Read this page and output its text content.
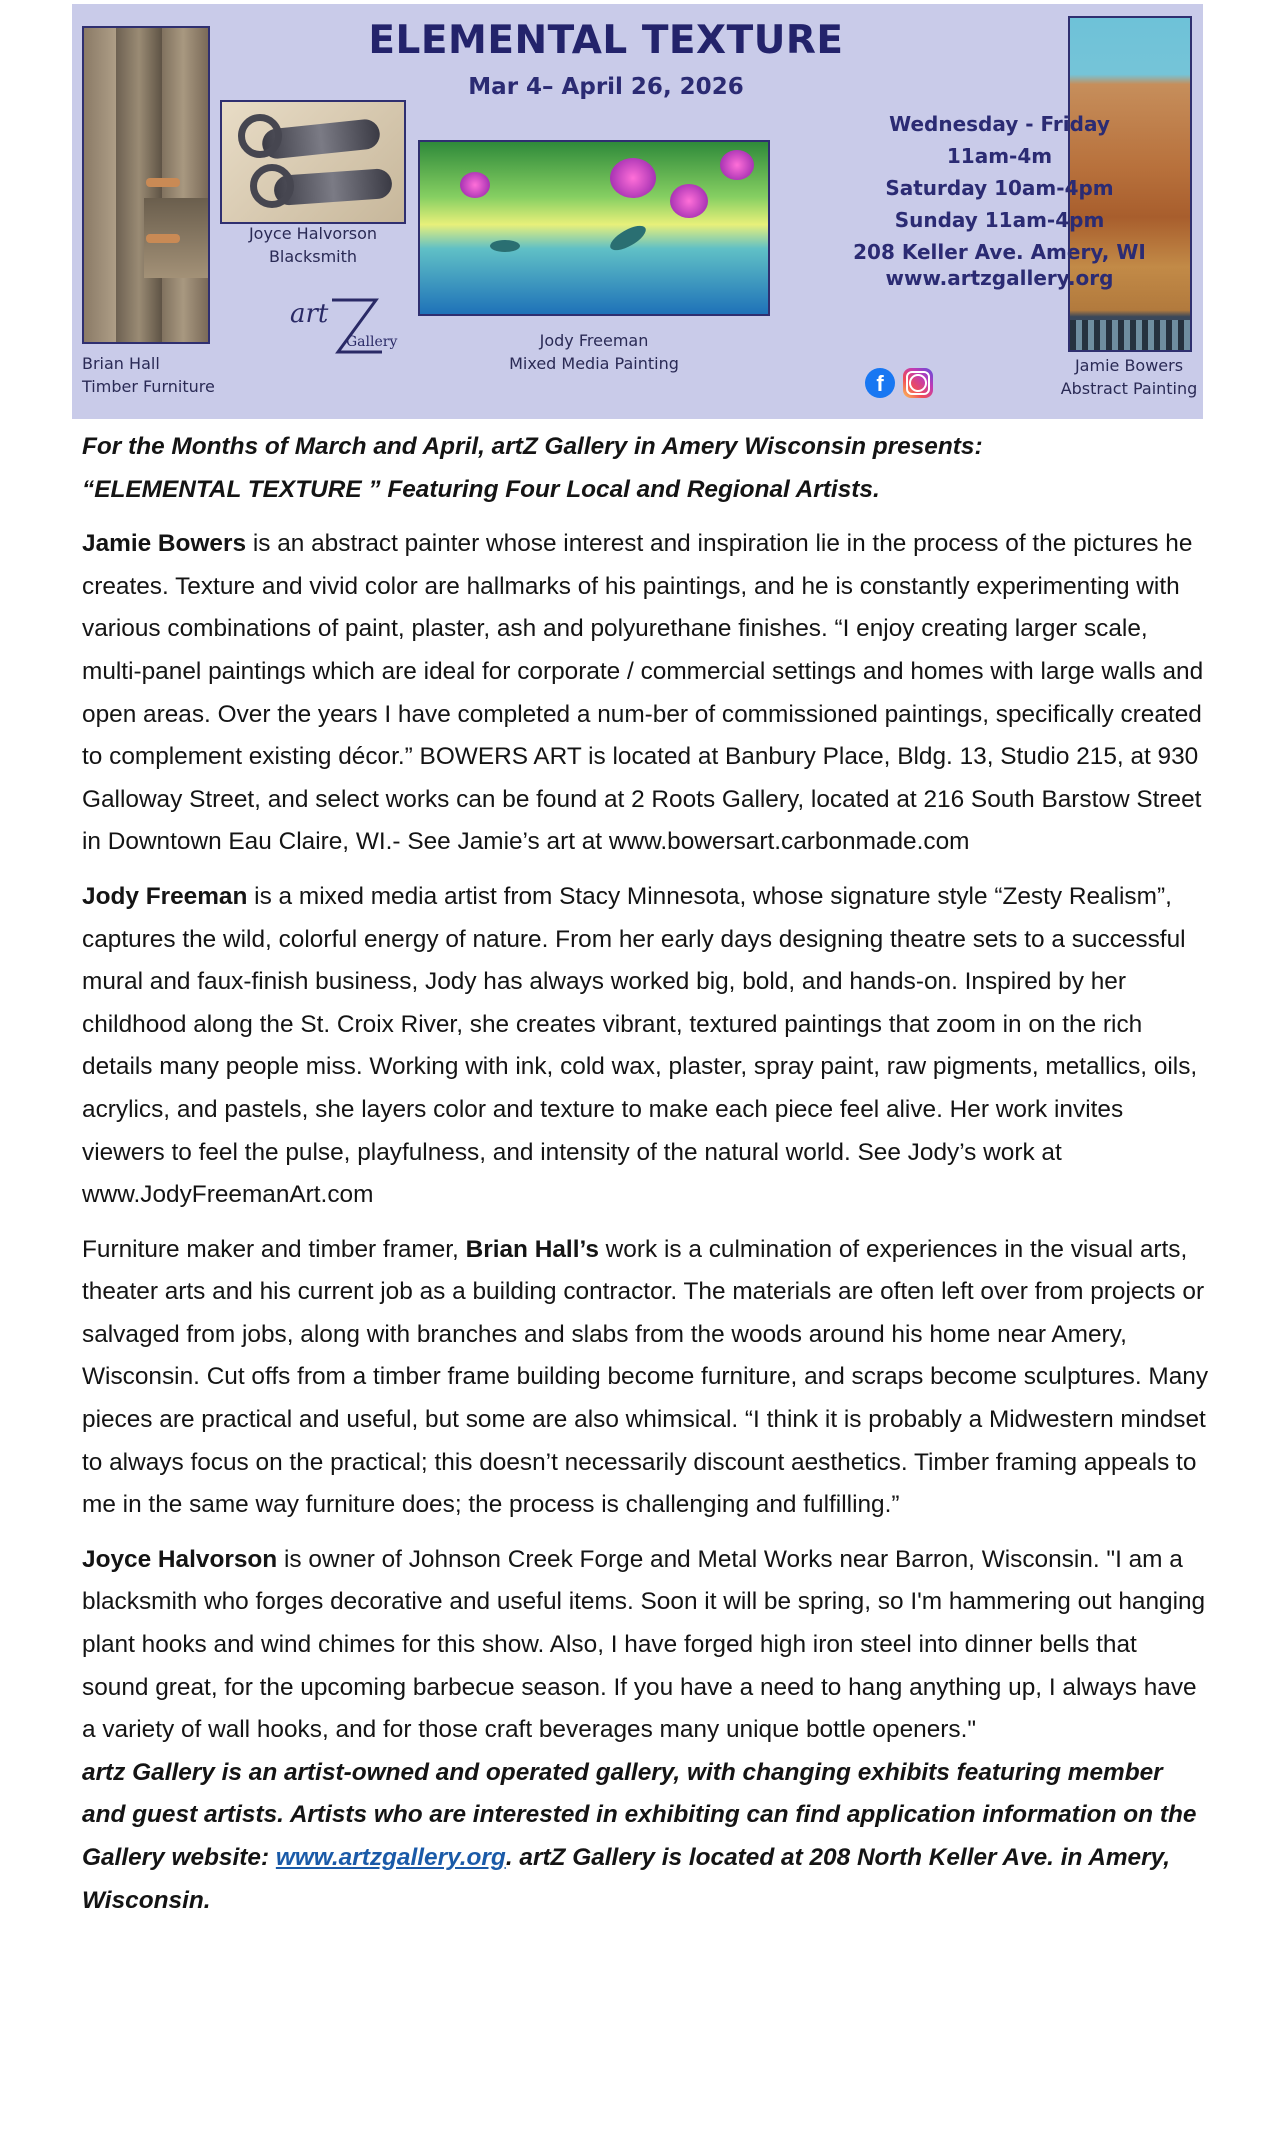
ELEMENTAL TEXTURE
Mar 4– April 26, 2026
Wednesday - Friday
11am-4m
Saturday 10am-4pm
Sunday 11am-4pm
208 Keller Ave. Amery, WI
www.artzgallery.org
Brian Hall
Timber Furniture
Joyce Halvorson
Blacksmith
Jody Freeman
Mixed Media Painting	Jamie Bowers
Abstract Painting
art
Gallery
f
For the Months of March and April, artZ Gallery in Amery Wisconsin presents:
“ELEMENTAL TEXTURE ” Featuring Four Local and Regional Artists.

Jamie Bowers is an abstract painter whose interest and inspiration lie in the process of the pictures he creates. Texture and vivid color are hallmarks of his paintings, and he is constantly experimenting with various combinations of paint, plaster, ash and polyurethane finishes. “I enjoy creating larger scale, multi-panel paintings which are ideal for corporate / commercial settings and homes with large walls and open areas. Over the years I have completed a num-ber of commissioned paintings, specifically created to complement existing décor.” BOWERS ART is located at Banbury Place, Bldg. 13, Studio 215, at 930 Galloway Street, and select works can be found at 2 Roots Gallery, located at 216 South Barstow Street in Downtown Eau Claire, WI.- See Jamie’s art at www.bowersart.carbonmade.com

Jody Freeman is a mixed media artist from Stacy Minnesota, whose signature style “Zesty Realism”, captures the wild, colorful energy of nature. From her early days designing theatre sets to a successful mural and faux-finish business, Jody has always worked big, bold, and hands-on. Inspired by her childhood along the St. Croix River, she creates vibrant, textured paintings that zoom in on the rich details many people miss. Working with ink, cold wax, plaster, spray paint, raw pigments, metallics, oils, acrylics, and pastels, she layers color and texture to make each piece feel alive. Her work invites viewers to feel the pulse, playfulness, and intensity of the natural world. See Jody’s work at www.JodyFreemanArt.com

Furniture maker and timber framer, Brian Hall’s work is a culmination of experiences in the visual arts, theater arts and his current job as a building contractor. The materials are often left over from projects or salvaged from jobs, along with branches and slabs from the woods around his home near Amery, Wisconsin. Cut offs from a timber frame building become furniture, and scraps become sculptures. Many pieces are practical and useful, but some are also whimsical. “I think it is probably a Midwestern mindset to always focus on the practical; this doesn’t necessarily discount aesthetics. Timber framing appeals to me in the same way furniture does; the process is challenging and fulfilling.”

Joyce Halvorson is owner of Johnson Creek Forge and Metal Works near Barron, Wisconsin. "I am a blacksmith who forges decorative and useful items. Soon it will be spring, so I'm hammering out hanging plant hooks and wind chimes for this show. Also, I have forged high iron steel into dinner bells that sound great, for the upcoming barbecue season. If you have a need to hang anything up, I always have a variety of wall hooks, and for those craft beverages many unique bottle openers."

artz Gallery is an artist-owned and operated gallery, with changing exhibits featuring member and guest artists. Artists who are interested in exhibiting can find application information on the Gallery website: www.artzgallery.org. artZ Gallery is located at 208 North Keller Ave. in Amery, Wisconsin.
